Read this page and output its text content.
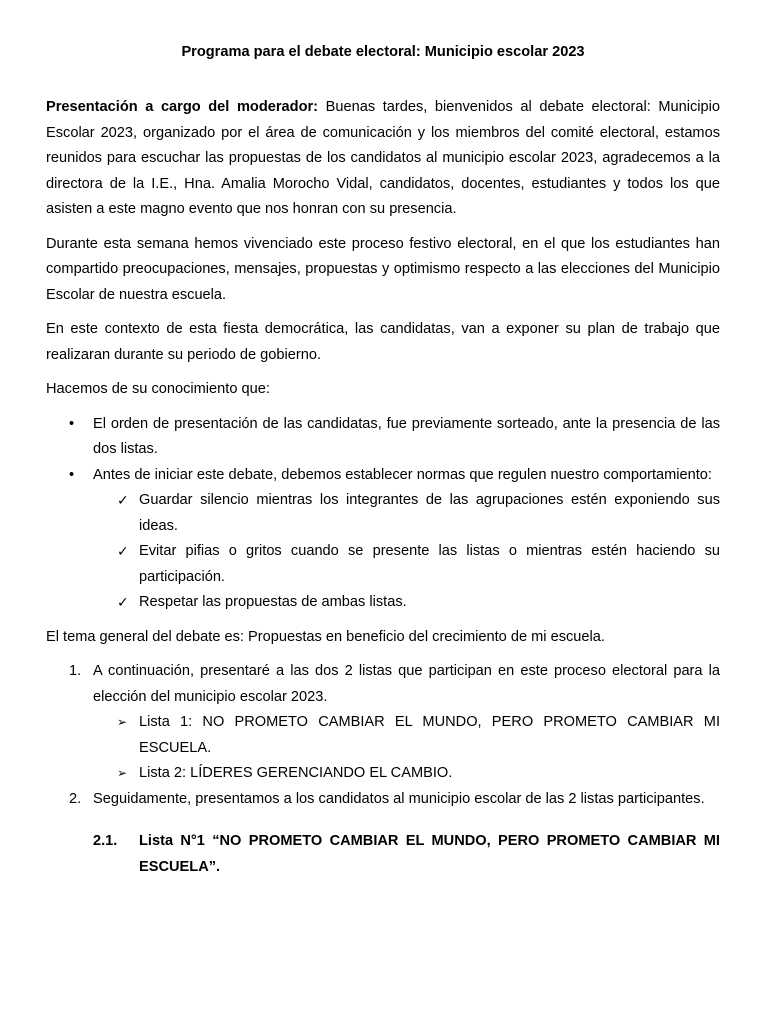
Programa para el debate electoral: Municipio escolar 2023

Presentación a cargo del moderador: Buenas tardes, bienvenidos al debate electoral: Municipio Escolar 2023, organizado por el área de comunicación y los miembros del comité electoral, estamos reunidos para escuchar las propuestas de los candidatos al municipio escolar 2023, agradecemos a la directora de la I.E., Hna. Amalia Morocho Vidal, candidatos, docentes, estudiantes y todos los que asisten a este magno evento que nos honran con su presencia.

Durante esta semana hemos vivenciado este proceso festivo electoral, en el que los estudiantes han compartido preocupaciones, mensajes, propuestas y optimismo respecto a las elecciones del Municipio Escolar de nuestra escuela.

En este contexto de esta fiesta democrática, las candidatas, van a exponer su plan de trabajo que realizaran durante su periodo de gobierno.

Hacemos de su conocimiento que:

• El orden de presentación de las candidatas, fue previamente sorteado, ante la presencia de las dos listas.
• Antes de iniciar este debate, debemos establecer normas que regulen nuestro comportamiento:
✓ Guardar silencio mientras los integrantes de las agrupaciones estén exponiendo sus ideas.
✓ Evitar pifias o gritos cuando se presente las listas o mientras estén haciendo su participación.
✓ Respetar las propuestas de ambas listas.

El tema general del debate es: Propuestas en beneficio del crecimiento de mi escuela.

1. A continuación, presentaré a las dos 2 listas que participan en este proceso electoral para la elección del municipio escolar 2023.
➢ Lista 1: NO PROMETO CAMBIAR EL MUNDO, PERO PROMETO CAMBIAR MI ESCUELA.
➢ Lista 2: LÍDERES GERENCIANDO EL CAMBIO.
2. Seguidamente, presentamos a los candidatos al municipio escolar de las 2 listas participantes.
2.1. Lista N°1 “NO PROMETO CAMBIAR EL MUNDO, PERO PROMETO CAMBIAR MI ESCUELA”.
